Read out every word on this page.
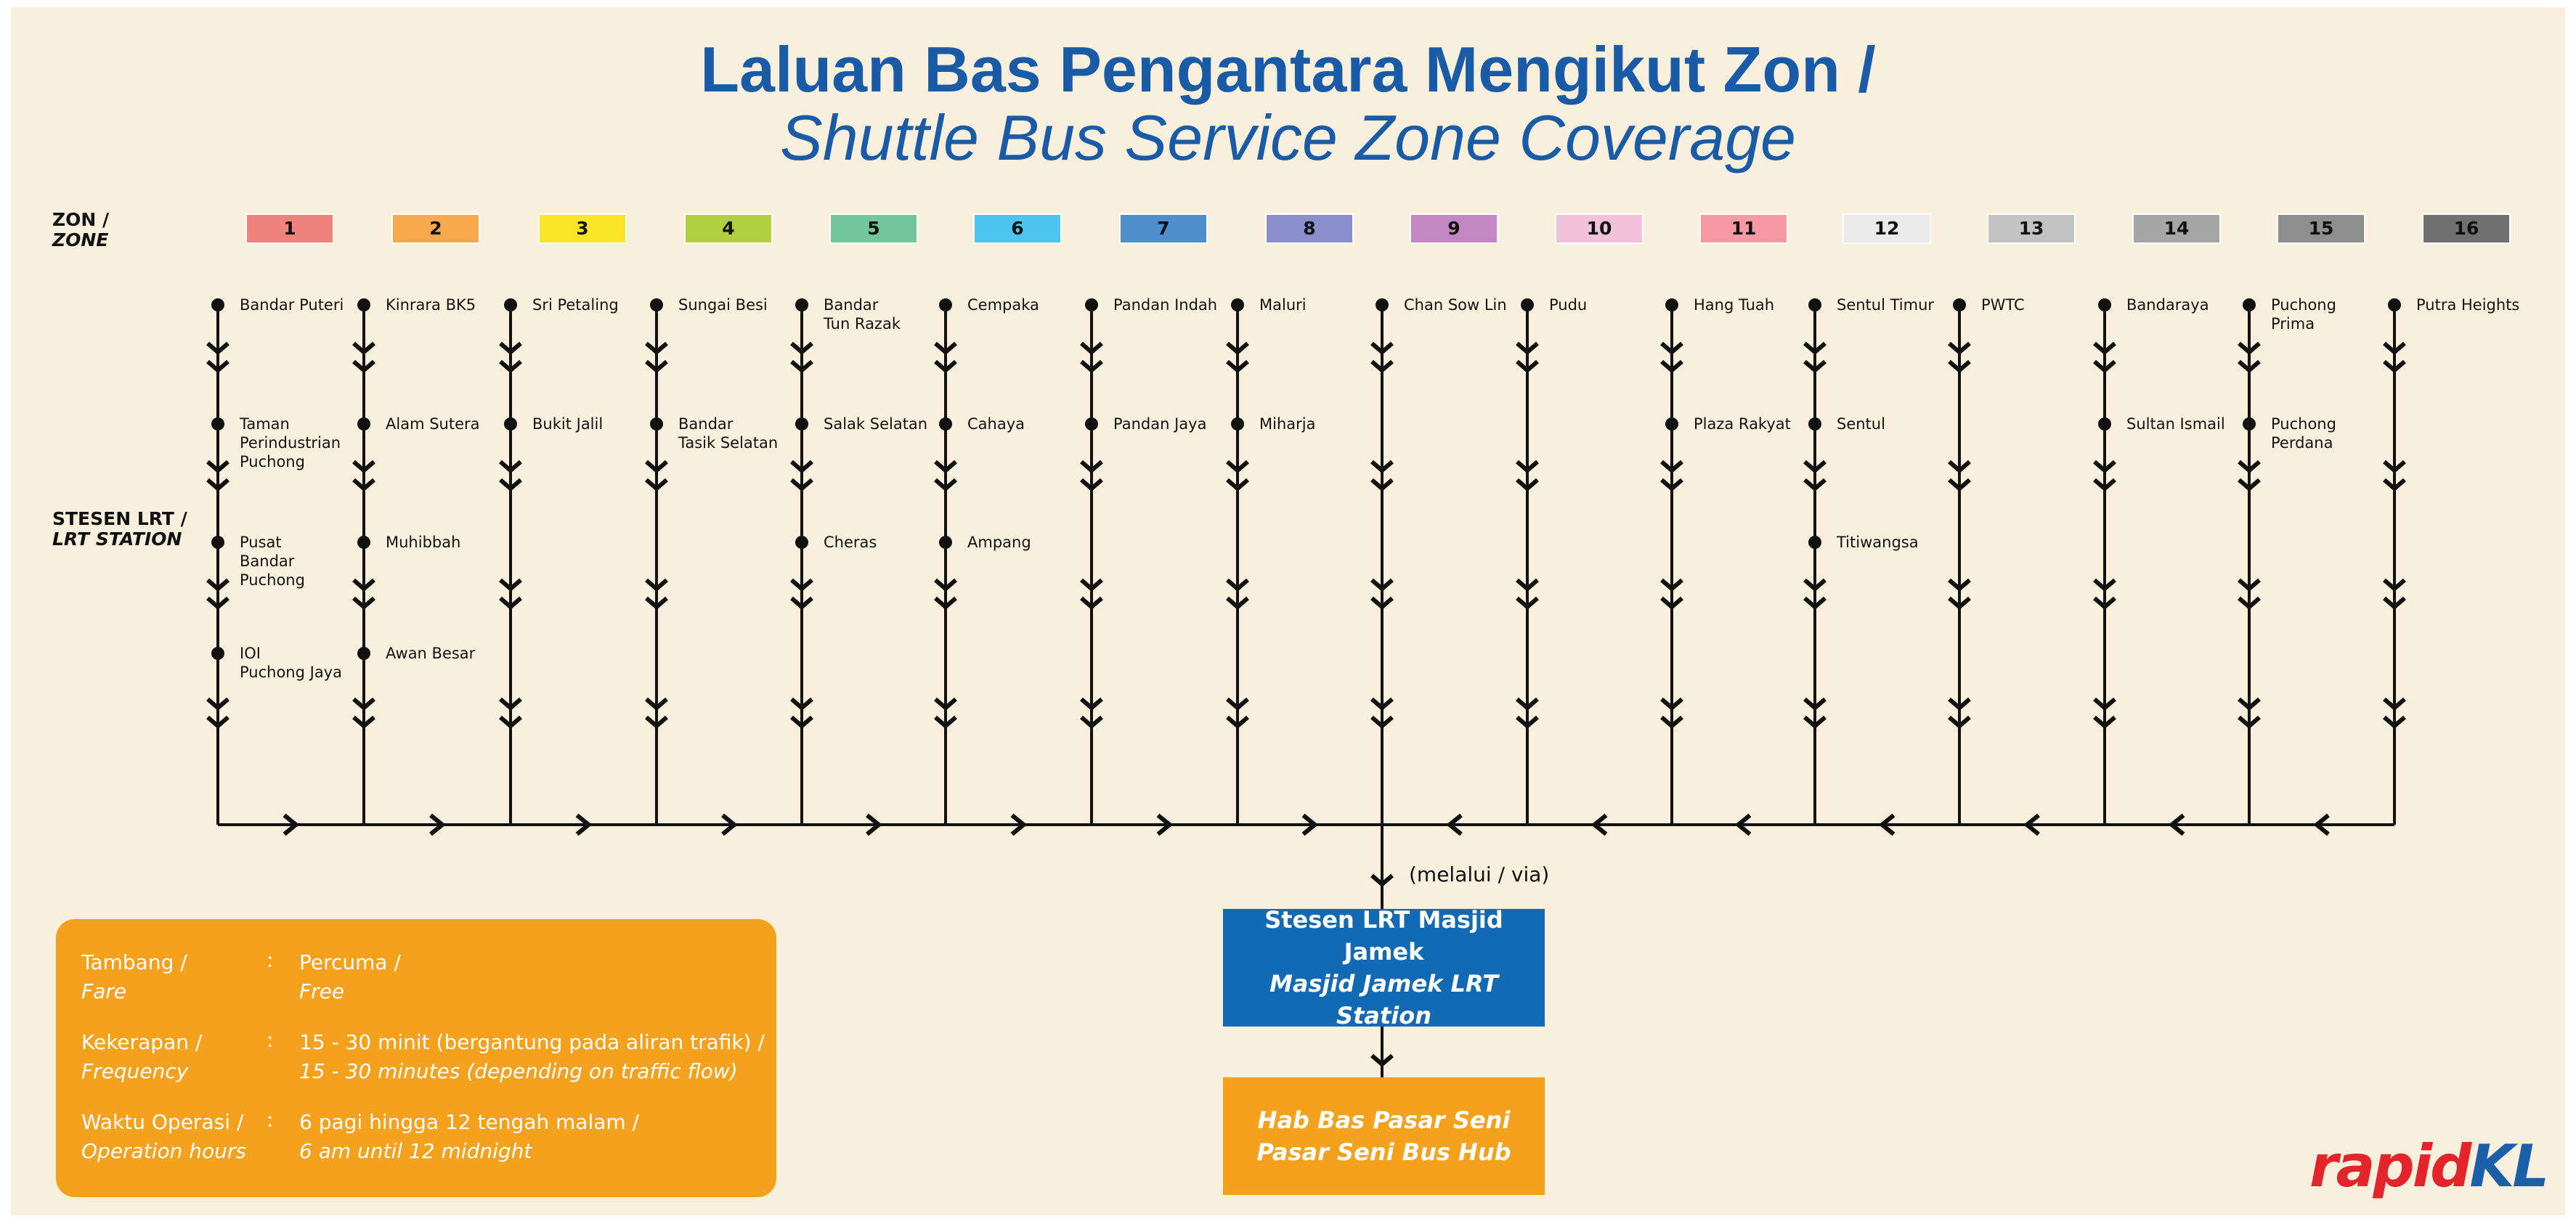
Laluan Bas Pengantara Mengikut Zon /
Shuttle Bus Service Zone Coverage
ZON /
ZONE
STESEN LRT /
LRT STATION
1
Bandar Puteri
Taman
Perindustrian
Puchong
Pusat
Bandar
Puchong
IOI
Puchong Jaya
2
Kinrara BK5
Alam Sutera
Muhibbah
Awan Besar
3
Sri Petaling
Bukit Jalil
4
Sungai Besi
Bandar
Tasik Selatan
5
Bandar
Tun Razak
Salak Selatan
Cheras
6
Cempaka
Cahaya
Ampang
7
Pandan Indah
Pandan Jaya
8
Maluri
Miharja
9
Chan Sow Lin
10
Pudu
11
Hang Tuah
Plaza Rakyat
12
Sentul Timur
Sentul
Titiwangsa
13
PWTC
14
Bandaraya
Sultan Ismail
15
Puchong
Prima
Puchong
Perdana
16
Putra Heights
(melalui / via)
Stesen LRT Masjid Jamek
Masjid Jamek LRT Station
Hab Bas Pasar Seni
Pasar Seni Bus Hub
Tambang /
Fare
: Percuma /
Free
Kekerapan /
Frequency
: 15 - 30 minit (bergantung pada aliran trafik) /
15 - 30 minutes (depending on traffic flow)
Waktu Operasi /
Operation hours
: 6 pagi hingga 12 tengah malam /
6 am until 12 midnight	rapidKL
